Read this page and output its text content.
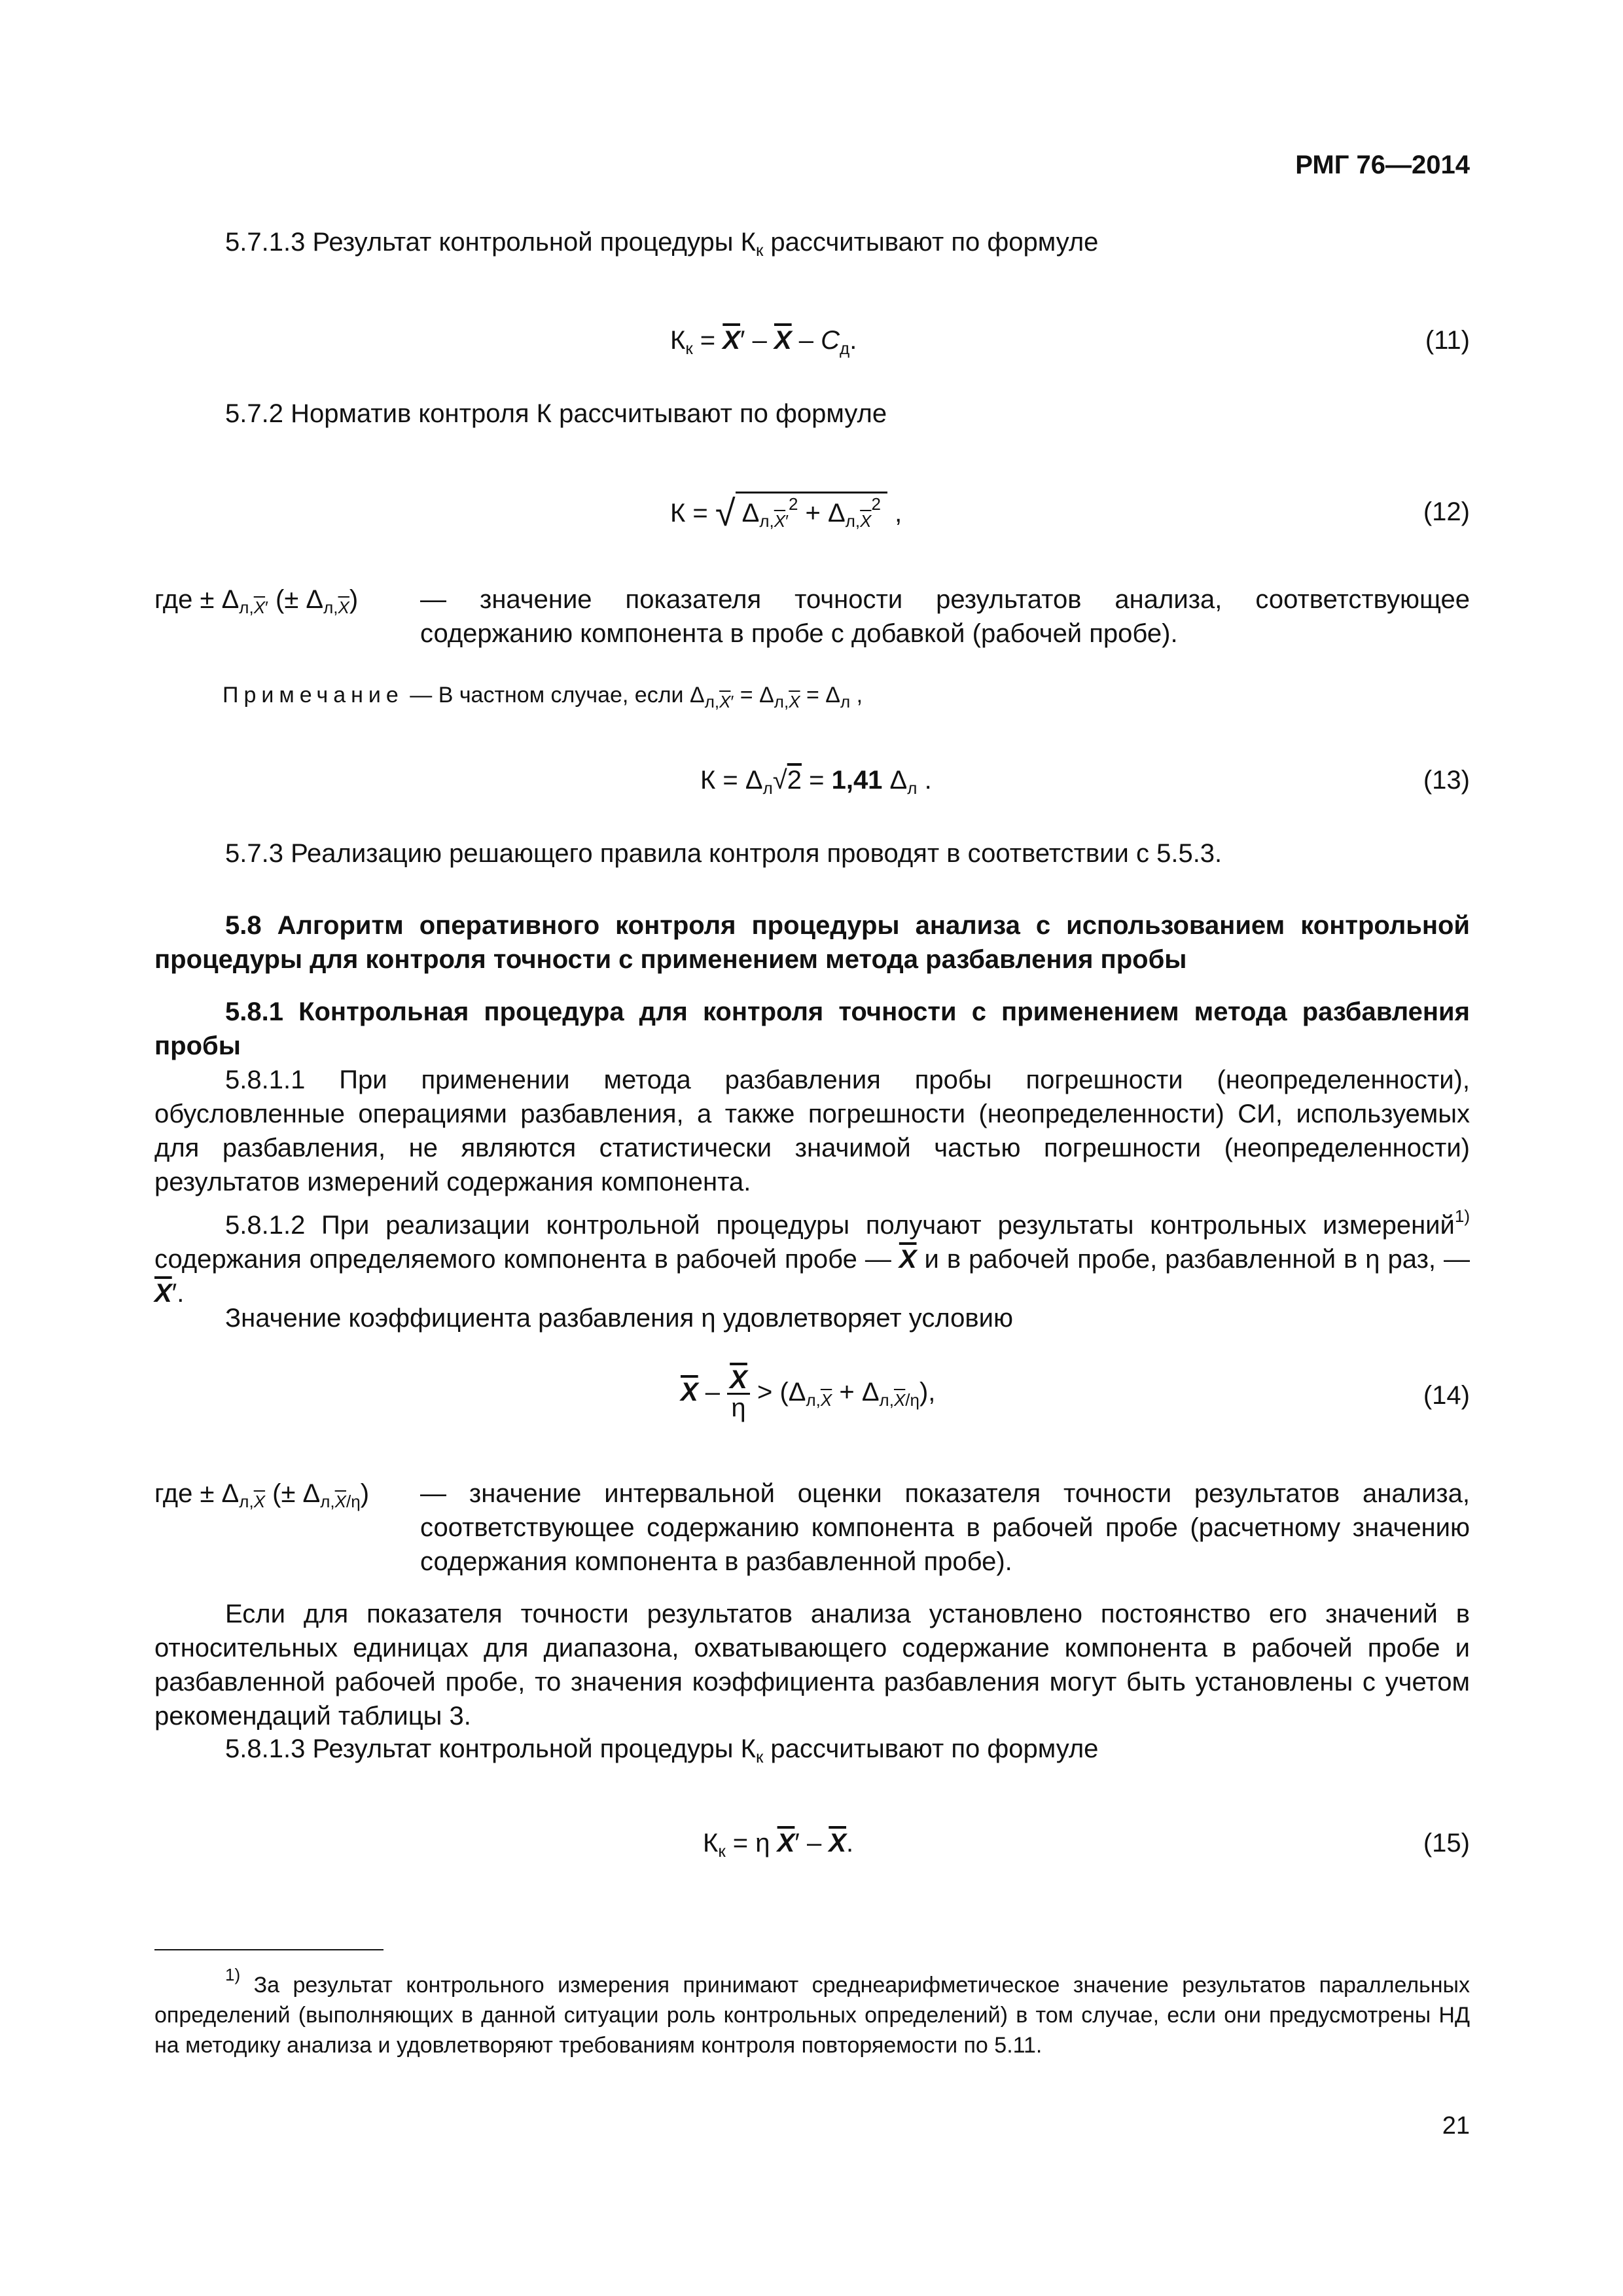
РМГ 76—2014
5.7.1.3 Результат контрольной процедуры $К_к$ рассчитывают по формуле
$К_к = \overline{X}' - \overline{X} - C_д$.	(11)
5.7.2 Норматив контроля К рассчитывают по формуле
К = √ $\Delta_{л,\overline{X}'}^2 + \Delta_{л,\overline{X}}^2$ ,	(12)
где ± $\Delta_{л,\overline{X}'}$ (± $\Delta_{л,\overline{X}}$) — значение показателя точности результатов анализа, соответствующее содержанию компонента в пробе с добавкой (рабочей пробе).
Примечание — В частном случае, если $\Delta_{л,\overline{X}'} = \Delta_{л,\overline{X}} = \Delta_л$ ,
$К = \Delta_л√2 = 1,41$ $\Delta_л$ .	(13)
5.7.3 Реализацию решающего правила контроля проводят в соответствии с 5.5.3.
5.8 Алгоритм оперативного контроля процедуры анализа с использованием контрольной процедуры для контроля точности с применением метода разбавления пробы
5.8.1 Контрольная процедура для контроля точности с применением метода разбавления пробы
5.8.1.1 При применении метода разбавления пробы погрешности (неопределенности), обусловленные операциями разбавления, а также погрешности (неопределенности) СИ, используемых для разбавления, не являются статистически значимой частью погрешности (неопределенности) результатов измерений содержания компонента.
5.8.1.2 При реализации контрольной процедуры получают результаты контрольных измерений$^{1)}$ содержания определяемого компонента в рабочей пробе — $\overline{X}$ и в рабочей пробе, разбавленной в η раз, — $\overline{X}'$.
Значение коэффициента разбавления η удовлетворяет условию
$\overline{X} - \frac{\overline{X}}{\eta} > (\Delta_{л,\overline{X}} + \Delta_{л,\overline{X}/\eta})$,	(14)
где ± $\Delta_{л,\overline{X}}$ (± $\Delta_{л,\overline{X}/\eta}$) — значение интервальной оценки показателя точности результатов анализа, соответствующее содержанию компонента в рабочей пробе (расчетному значению содержания компонента в разбавленной пробе).
Если для показателя точности результатов анализа установлено постоянство его значений в относительных единицах для диапазона, охватывающего содержание компонента в рабочей пробе и разбавленной рабочей пробе, то значения коэффициента разбавления могут быть установлены с учетом рекомендаций таблицы 3.
5.8.1.3 Результат контрольной процедуры $К_к$ рассчитывают по формуле
$К_к = \eta$ $\overline{X}' - \overline{X}$.	(15)
$^{1)}$ За результат контрольного измерения принимают среднеарифметическое значение результатов параллельных определений (выполняющих в данной ситуации роль контрольных определений) в том случае, если они предусмотрены НД на методику анализа и удовлетворяют требованиям контроля повторяемости по 5.11.
21
